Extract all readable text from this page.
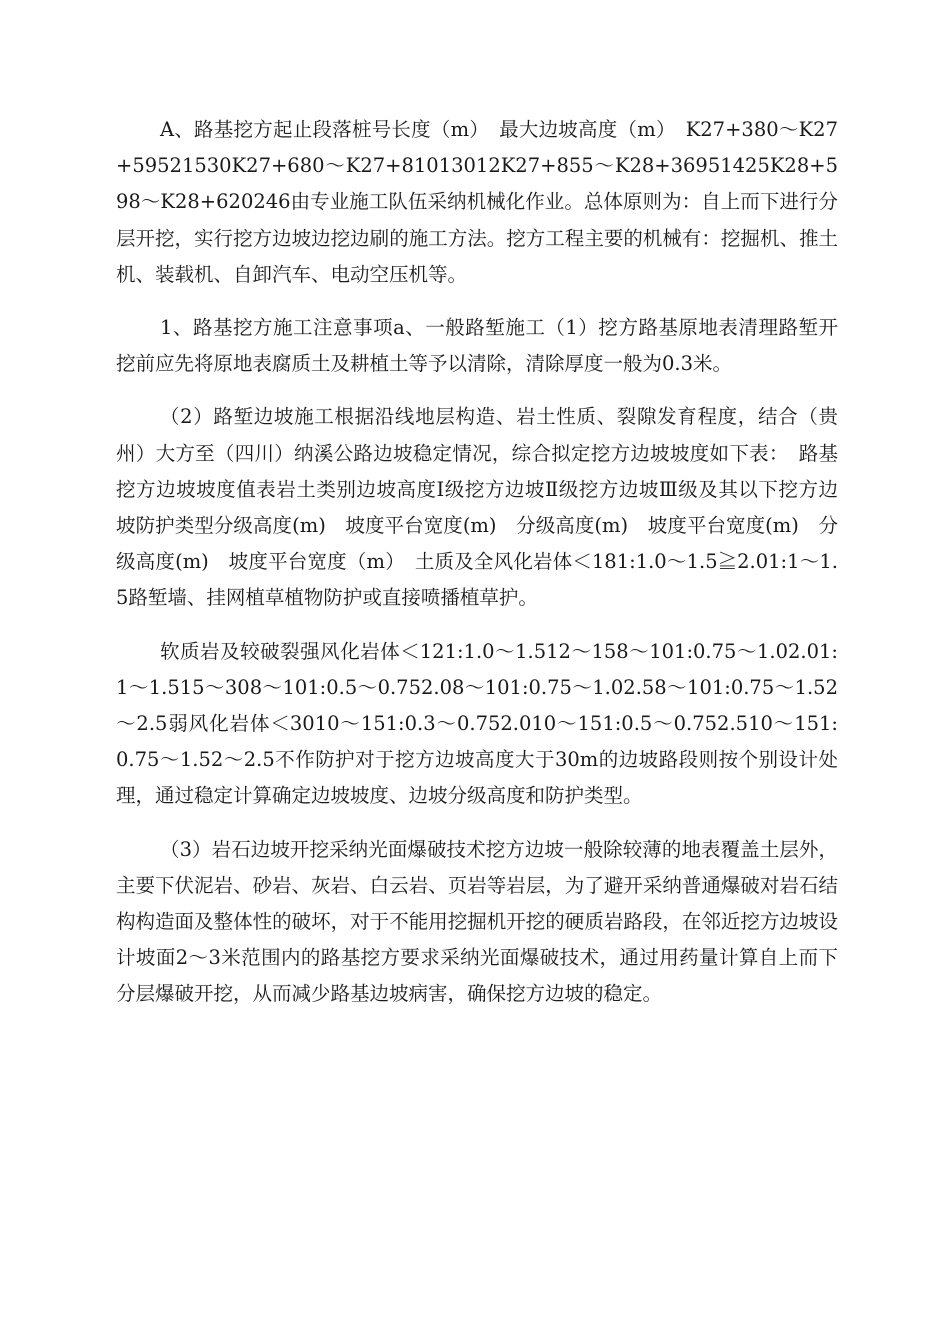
A、路基挖方起止段落桩号长度（m）　最大边坡高度（m）　K27+380～K27+59521530K27+680～K27+81013012K27+855～K28+36951425K28+598～K28+620246由专业施工队伍采纳机械化作业。总体原则为：自上而下进行分层开挖，实行挖方边坡边挖边刷的施工方法。挖方工程主要的机械有：挖掘机、推土机、装载机、自卸汽车、电动空压机等。

1、路基挖方施工注意事项a、一般路堑施工（1）挖方路基原地表清理路堑开挖前应先将原地表腐质土及耕植土等予以清除，清除厚度一般为0.3米。

（2）路堑边坡施工根据沿线地层构造、岩土性质、裂隙发育程度，结合（贵州）大方至（四川）纳溪公路边坡稳定情况，综合拟定挖方边坡坡度如下表：　路基挖方边坡坡度值表岩土类别边坡高度Ⅰ级挖方边坡Ⅱ级挖方边坡Ⅲ级及其以下挖方边坡防护类型分级高度(m)　坡度平台宽度(m)　分级高度(m)　坡度平台宽度(m)　分级高度(m)　坡度平台宽度（m）　土质及全风化岩体＜181:1.0～1.5≧2.01:1～1.5路堑墙、挂网植草植物防护或直接喷播植草护。

软质岩及较破裂强风化岩体＜121:1.0～1.512～158～101:0.75～1.02.01:1～1.515～308～101:0.5～0.752.08～101:0.75～1.02.58～101:0.75～1.52～2.5弱风化岩体＜3010～151:0.3～0.752.010～151:0.5～0.752.510～151:0.75～1.52～2.5不作防护对于挖方边坡高度大于30m的边坡路段则按个别设计处理，通过稳定计算确定边坡坡度、边坡分级高度和防护类型。

（3）岩石边坡开挖采纳光面爆破技术挖方边坡一般除较薄的地表覆盖土层外，主要下伏泥岩、砂岩、灰岩、白云岩、页岩等岩层，为了避开采纳普通爆破对岩石结构构造面及整体性的破坏，对于不能用挖掘机开挖的硬质岩路段，在邻近挖方边坡设计坡面2～3米范围内的路基挖方要求采纳光面爆破技术，通过用药量计算自上而下分层爆破开挖，从而减少路基边坡病害，确保挖方边坡的稳定。
